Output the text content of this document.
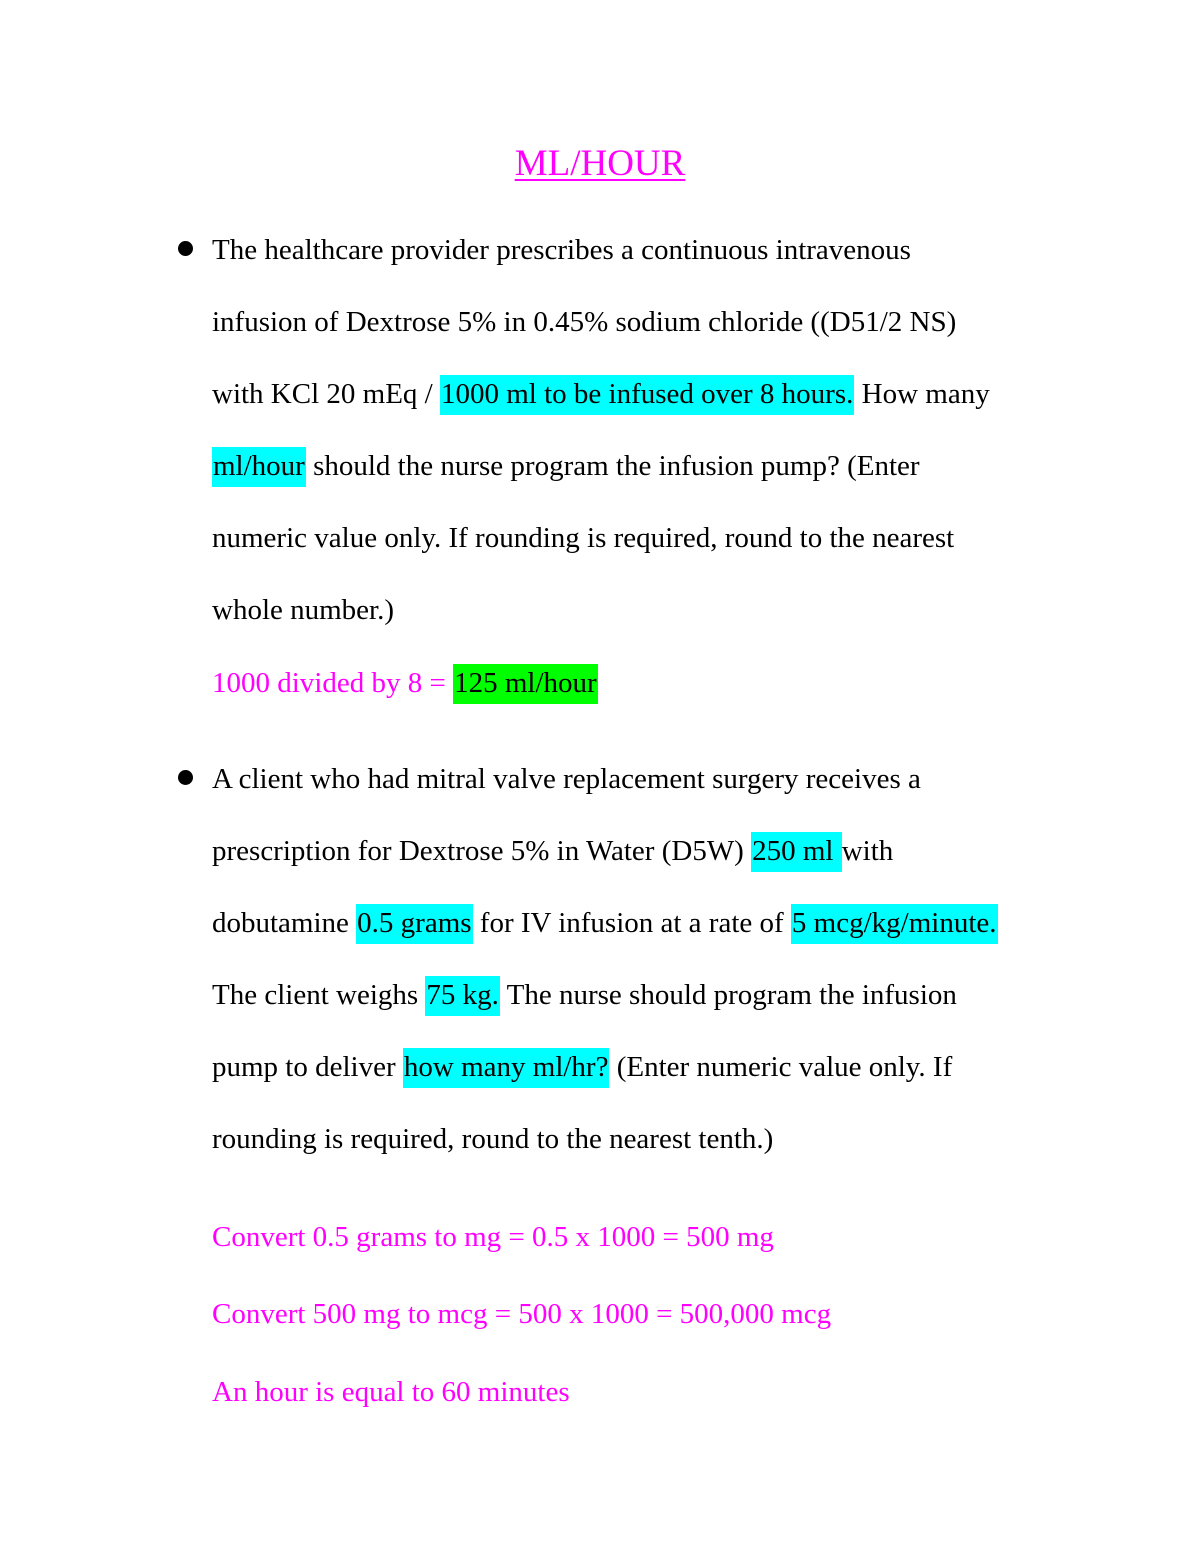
ML/HOUR
The healthcare provider prescribes a continuous intravenous
infusion of Dextrose 5% in 0.45% sodium chloride ((D51/2 NS)
with KCl 20 mEq / 1000 ml to be infused over 8 hours. How many
ml/hour should the nurse program the infusion pump? (Enter
numeric value only. If rounding is required, round to the nearest
whole number.)
1000 divided by 8 = 125 ml/hour
A client who had mitral valve replacement surgery receives a
prescription for Dextrose 5% in Water (D5W) 250 ml with
dobutamine 0.5 grams for IV infusion at a rate of 5 mcg/kg/minute.
The client weighs 75 kg. The nurse should program the infusion
pump to deliver how many ml/hr? (Enter numeric value only. If
rounding is required, round to the nearest tenth.)
Convert 0.5 grams to mg = 0.5 x 1000 = 500 mg
Convert 500 mg to mcg = 500 x 1000 = 500,000 mcg
An hour is equal to 60 minutes
